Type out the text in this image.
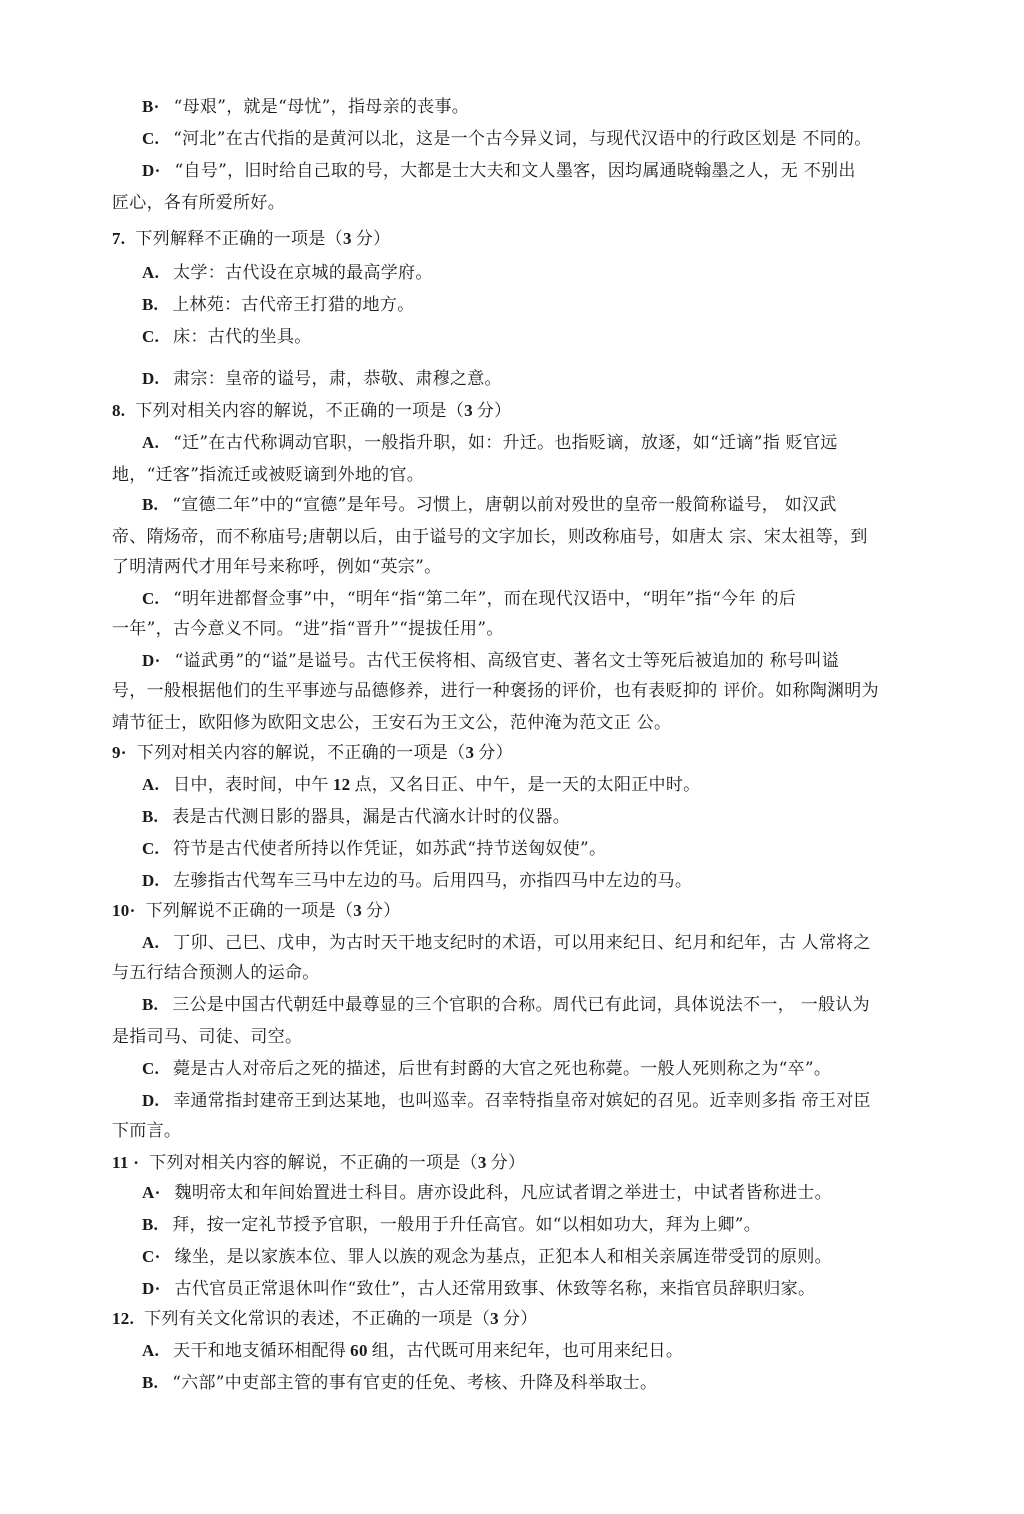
B· “母艰”，就是“母忧”，指母亲的丧事。
C. “河北”在古代指的是黄河以北，这是一个古今异义词，与现代汉语中的行政区划是 不同的。
D· “自号”，旧时给自己取的号，大都是士大夫和文人墨客，因均属通晓翰墨之人，无 不别出
匠心，各有所爱所好。
7. 下列解释不正确的一项是（3 分）
A. 太学：古代设在京城的最高学府。
B. 上林苑：古代帝王打猎的地方。
C. 床：古代的坐具。
D. 肃宗：皇帝的谥号，肃，恭敬、肃穆之意。
8. 下列对相关内容的解说，不正确的一项是（3 分）
A. “迁”在古代称调动官职，一般指升职，如：升迁。也指贬谪，放逐，如“迁谪”指 贬官远
地，“迁客”指流迁或被贬谪到外地的官。
B. “宣德二年”中的“宣德”是年号。习惯上，唐朝以前对殁世的皇帝一般简称谥号， 如汉武
帝、隋炀帝，而不称庙号;唐朝以后，由于谥号的文字加长，则改称庙号，如唐太 宗、宋太祖等，到
了明清两代才用年号来称呼，例如“英宗”。
C. “明年进都督佥事”中，“明年“指“第二年”，而在现代汉语中，“明年”指“今年 的后
一年”，古今意义不同。“进”指“晋升”“提拔任用”。
D· “谥武勇”的“谥”是谥号。古代王侯将相、高级官吏、著名文士等死后被追加的 称号叫谥
号，一般根据他们的生平事迹与品德修养，进行一种褒扬的评价，也有表贬抑的 评价。如称陶渊明为
靖节征士，欧阳修为欧阳文忠公，王安石为王文公，范仲淹为范文正 公。
9· 下列对相关内容的解说，不正确的一项是（3 分）
A. 日中，表时间，中午 12 点，又名日正、中午，是一天的太阳正中时。
B. 表是古代测日影的器具，漏是古代滴水计时的仪器。
C. 符节是古代使者所持以作凭证，如苏武“持节送匈奴使”。
D. 左骖指古代驾车三马中左边的马。后用四马，亦指四马中左边的马。
10· 下列解说不正确的一项是（3 分）
A. 丁卯、己巳、戊申，为古时天干地支纪时的术语，可以用来纪日、纪月和纪年，古 人常将之
与五行结合预测人的运命。
B. 三公是中国古代朝廷中最尊显的三个官职的合称。周代已有此词，具体说法不一， 一般认为
是指司马、司徒、司空。
C. 薨是古人对帝后之死的描述，后世有封爵的大官之死也称薨。一般人死则称之为“卒”。
D. 幸通常指封建帝王到达某地，也叫巡幸。召幸特指皇帝对嫔妃的召见。近幸则多指 帝王对臣
下而言。
11 · 下列对相关内容的解说，不正确的一项是（3 分）
A· 魏明帝太和年间始置进士科目。唐亦设此科，凡应试者谓之举进士，中试者皆称进士。
B. 拜，按一定礼节授予官职，一般用于升任高官。如“以相如功大，拜为上卿”。
C· 缘坐，是以家族本位、罪人以族的观念为基点，正犯本人和相关亲属连带受罚的原则。
D· 古代官员正常退休叫作“致仕”，古人还常用致事、休致等名称，来指官员辞职归家。
12. 下列有关文化常识的表述，不正确的一项是（3 分）
A. 天干和地支循环相配得 60 组，古代既可用来纪年，也可用来纪日。
B. “六部”中吏部主管的事有官吏的任免、考核、升降及科举取士。
